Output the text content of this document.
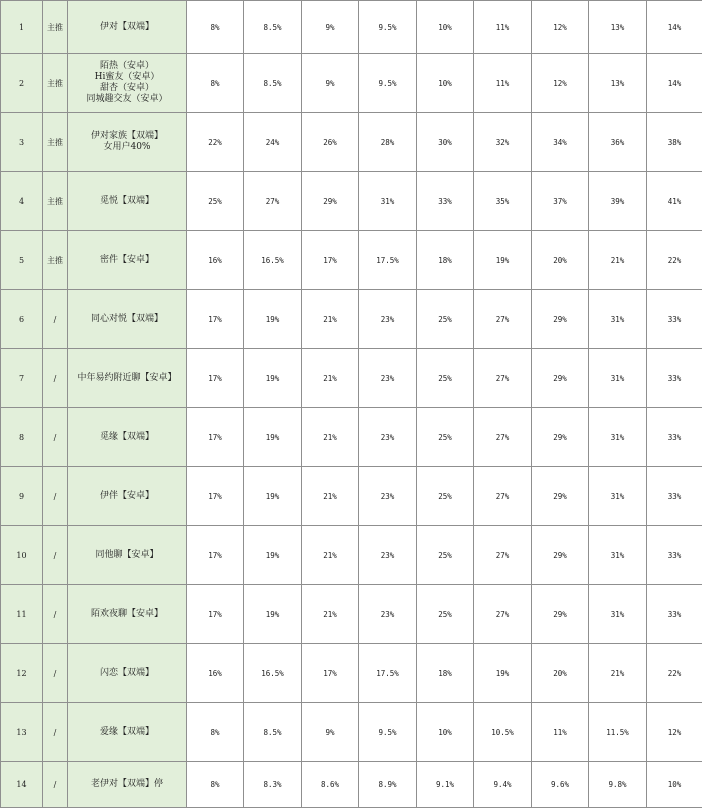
1	主推	伊对【双端】	8%	8.5%	9%	9.5%	10%	11%	12%	13%	14%
2	主推	陌热（安卓）
Hi蜜友（安卓）
甜杏（安卓）
同城趣交友（安卓）	8%	8.5%	9%	9.5%	10%	11%	12%	13%	14%
3	主推	伊对家族【双端】
女用户40%	22%	24%	26%	28%	30%	32%	34%	36%	38%
4	主推	觅悦【双端】	25%	27%	29%	31%	33%	35%	37%	39%	41%
5	主推	密件【安卓】	16%	16.5%	17%	17.5%	18%	19%	20%	21%	22%
6	/	同心对悦【双端】	17%	19%	21%	23%	25%	27%	29%	31%	33%
7	/	中年易约附近聊【安卓】	17%	19%	21%	23%	25%	27%	29%	31%	33%
8	/	觅缘【双端】	17%	19%	21%	23%	25%	27%	29%	31%	33%
9	/	伊伴【安卓】	17%	19%	21%	23%	25%	27%	29%	31%	33%
10	/	同他聊【安卓】	17%	19%	21%	23%	25%	27%	29%	31%	33%
11	/	陌欢夜聊【安卓】	17%	19%	21%	23%	25%	27%	29%	31%	33%
12	/	闪恋【双端】	16%	16.5%	17%	17.5%	18%	19%	20%	21%	22%
13	/	爱缘【双端】	8%	8.5%	9%	9.5%	10%	10.5%	11%	11.5%	12%
14	/	老伊对【双端】停	8%	8.3%	8.6%	8.9%	9.1%	9.4%	9.6%	9.8%	10%
